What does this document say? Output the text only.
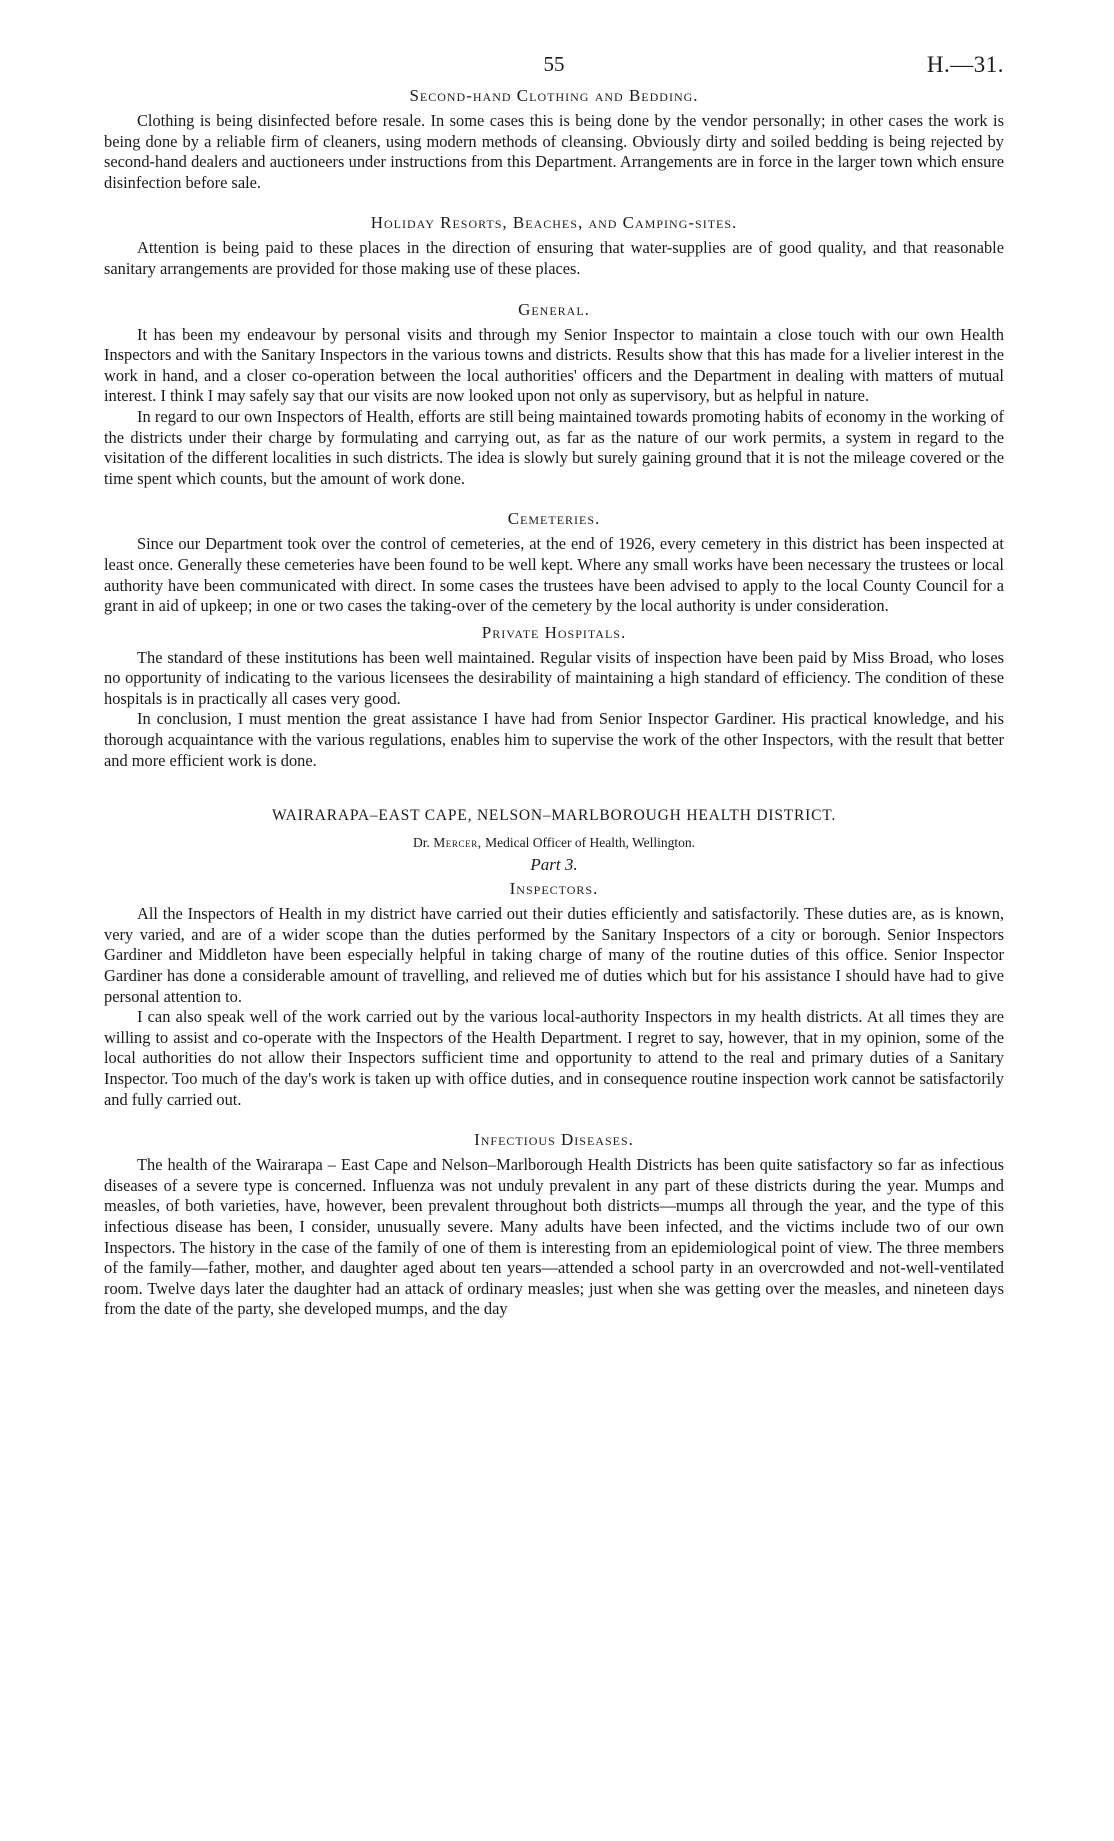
55	H.—31.
Second-hand Clothing and Bedding.

Clothing is being disinfected before resale. In some cases this is being done by the vendor personally; in other cases the work is being done by a reliable firm of cleaners, using modern methods of cleansing. Obviously dirty and soiled bedding is being rejected by second-hand dealers and auctioneers under instructions from this Department. Arrangements are in force in the larger town which ensure disinfection before sale.

Holiday Resorts, Beaches, and Camping-sites.

Attention is being paid to these places in the direction of ensuring that water-supplies are of good quality, and that reasonable sanitary arrangements are provided for those making use of these places.

General.

It has been my endeavour by personal visits and through my Senior Inspector to maintain a close touch with our own Health Inspectors and with the Sanitary Inspectors in the various towns and districts. Results show that this has made for a livelier interest in the work in hand, and a closer co-operation between the local authorities' officers and the Department in dealing with matters of mutual interest. I think I may safely say that our visits are now looked upon not only as supervisory, but as helpful in nature.

In regard to our own Inspectors of Health, efforts are still being maintained towards promoting habits of economy in the working of the districts under their charge by formulating and carrying out, as far as the nature of our work permits, a system in regard to the visitation of the different localities in such districts. The idea is slowly but surely gaining ground that it is not the mileage covered or the time spent which counts, but the amount of work done.

Cemeteries.

Since our Department took over the control of cemeteries, at the end of 1926, every cemetery in this district has been inspected at least once. Generally these cemeteries have been found to be well kept. Where any small works have been necessary the trustees or local authority have been communicated with direct. In some cases the trustees have been advised to apply to the local County Council for a grant in aid of upkeep; in one or two cases the taking-over of the cemetery by the local authority is under consideration.

Private Hospitals.

The standard of these institutions has been well maintained. Regular visits of inspection have been paid by Miss Broad, who loses no opportunity of indicating to the various licensees the desirability of maintaining a high standard of efficiency. The condition of these hospitals is in practically all cases very good.

In conclusion, I must mention the great assistance I have had from Senior Inspector Gardiner. His practical knowledge, and his thorough acquaintance with the various regulations, enables him to supervise the work of the other Inspectors, with the result that better and more efficient work is done.

WAIRARAPA–EAST CAPE, NELSON–MARLBOROUGH HEALTH DISTRICT.
Dr. Mercer, Medical Officer of Health, Wellington.
Part 3.
Inspectors.

All the Inspectors of Health in my district have carried out their duties efficiently and satisfactorily. These duties are, as is known, very varied, and are of a wider scope than the duties performed by the Sanitary Inspectors of a city or borough. Senior Inspectors Gardiner and Middleton have been especially helpful in taking charge of many of the routine duties of this office. Senior Inspector Gardiner has done a considerable amount of travelling, and relieved me of duties which but for his assistance I should have had to give personal attention to.

I can also speak well of the work carried out by the various local-authority Inspectors in my health districts. At all times they are willing to assist and co-operate with the Inspectors of the Health Department. I regret to say, however, that in my opinion, some of the local authorities do not allow their Inspectors sufficient time and opportunity to attend to the real and primary duties of a Sanitary Inspector. Too much of the day's work is taken up with office duties, and in consequence routine inspection work cannot be satisfactorily and fully carried out.

Infectious Diseases.

The health of the Wairarapa – East Cape and Nelson–Marlborough Health Districts has been quite satisfactory so far as infectious diseases of a severe type is concerned. Influenza was not unduly prevalent in any part of these districts during the year. Mumps and measles, of both varieties, have, however, been prevalent throughout both districts—mumps all through the year, and the type of this infectious disease has been, I consider, unusually severe. Many adults have been infected, and the victims include two of our own Inspectors. The history in the case of the family of one of them is interesting from an epidemiological point of view. The three members of the family—father, mother, and daughter aged about ten years—attended a school party in an overcrowded and not-well-ventilated room. Twelve days later the daughter had an attack of ordinary measles; just when she was getting over the measles, and nineteen days from the date of the party, she developed mumps, and the day
